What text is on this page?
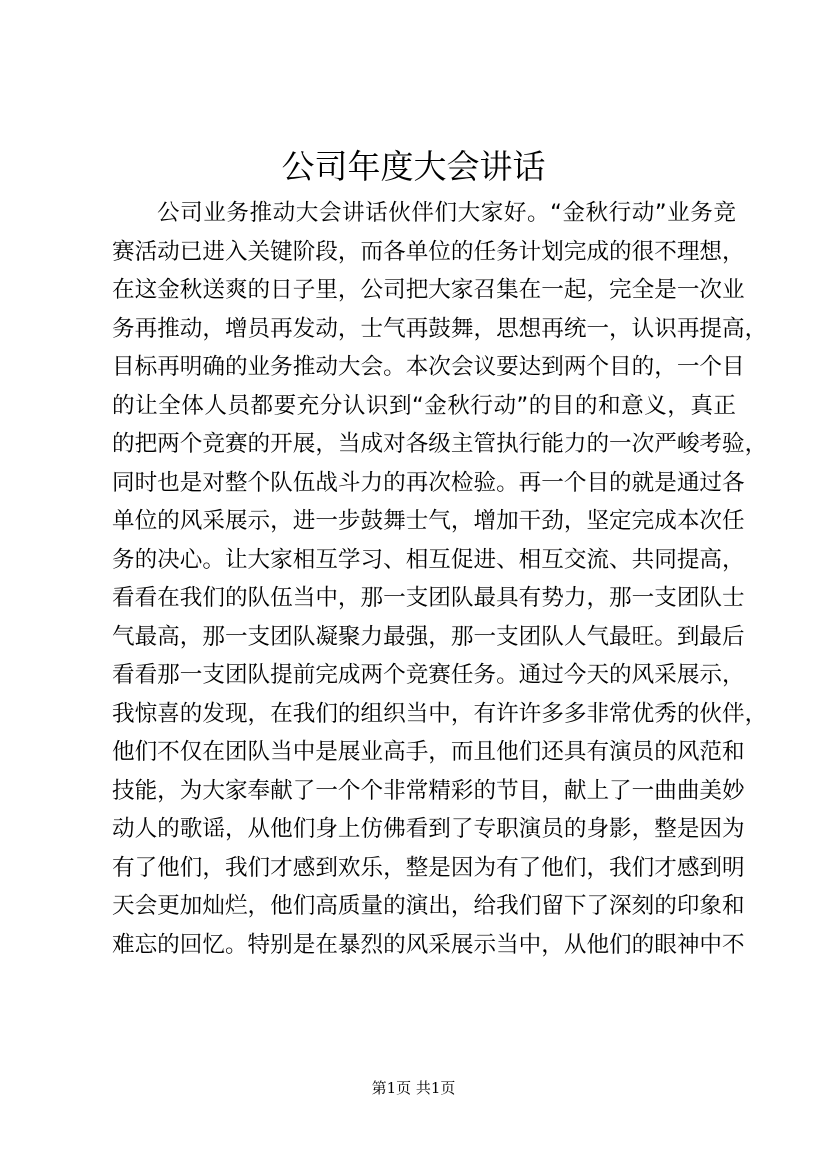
公司年度大会讲话
公司业务推动大会讲话伙伴们大家好。“金秋行动”业务竞
赛活动已进入关键阶段，而各单位的任务计划完成的很不理想，
在这金秋送爽的日子里，公司把大家召集在一起，完全是一次业
务再推动，增员再发动，士气再鼓舞，思想再统一，认识再提高，
目标再明确的业务推动大会。本次会议要达到两个目的，一个目
的让全体人员都要充分认识到“金秋行动”的目的和意义，真正
的把两个竞赛的开展，当成对各级主管执行能力的一次严峻考验，
同时也是对整个队伍战斗力的再次检验。再一个目的就是通过各
单位的风采展示，进一步鼓舞士气，增加干劲，坚定完成本次任
务的决心。让大家相互学习、相互促进、相互交流、共同提高，
看看在我们的队伍当中，那一支团队最具有势力，那一支团队士
气最高，那一支团队凝聚力最强，那一支团队人气最旺。到最后
看看那一支团队提前完成两个竞赛任务。通过今天的风采展示，
我惊喜的发现，在我们的组织当中，有许许多多非常优秀的伙伴，
他们不仅在团队当中是展业高手，而且他们还具有演员的风范和
技能，为大家奉献了一个个非常精彩的节目，献上了一曲曲美妙
动人的歌谣，从他们身上仿佛看到了专职演员的身影，整是因为
有了他们，我们才感到欢乐，整是因为有了他们，我们才感到明
天会更加灿烂，他们高质量的演出，给我们留下了深刻的印象和
难忘的回忆。特别是在暴烈的风采展示当中，从他们的眼神中不
第1页 共1页
